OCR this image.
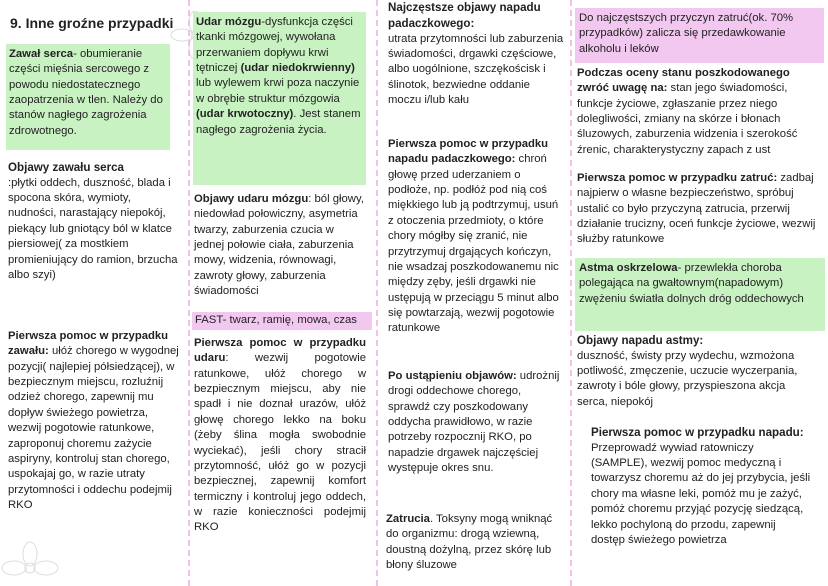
9. Inne groźne przypadki
Zawał serca- obumieranie części mięśnia sercowego z powodu niedostatecznego zaopatrzenia w tlen. Należy do stanów nagłego zagrożenia zdrowotnego.
Objawy zawału serca
:płytki oddech, duszność, blada i spocona skóra, wymioty, nudności, narastający niepokój, piekący lub gniotący ból w klatce piersiowej( za mostkiem promieniujący do ramion, brzucha albo szyi)
Pierwsza pomoc w przypadku zawału: ułóż chorego w wygodnej pozycji( najlepiej półsiedzącej), w bezpiecznym miejscu, rozluźnij odzież chorego, zapewnij mu dopływ świeżego powietrza, wezwij pogotowie ratunkowe, zaproponuj choremu zażycie aspiryny, kontroluj stan chorego, uspokajaj go, w razie utraty przytomności i oddechu podejmij RKO
Udar mózgu-dysfunkcja części tkanki mózgowej, wywołana przerwaniem dopływu krwi tętniczej (udar niedokrwienny) lub wylewem krwi poza naczynie w obrębie struktur mózgowia (udar krwotoczny). Jest stanem nagłego zagrożenia życia.
Objawy udaru mózgu: ból głowy, niedowład połowiczny, asymetria twarzy, zaburzenia czucia w jednej połowie ciała, zaburzenia mowy, widzenia, równowagi, zawroty głowy, zaburzenia świadomości
FAST- twarz, ramię, mowa, czas
Pierwsza pomoc w przypadku udaru: wezwij pogotowie ratunkowe, ułóż chorego w bezpiecznym miejscu, aby nie spadł i nie doznał urazów, ułóż głowę chorego lekko na boku (żeby ślina mogła swobodnie wyciekać), jeśli chory stracił przytomność, ułóż go w pozycji bezpiecznej, zapewnij komfort termiczny i kontroluj jego oddech, w razie konieczności podejmij RKO
Najczęstsze objawy napadu padaczkowego:
utrata przytomności lub zaburzenia świadomości, drgawki częściowe, albo uogólnione, szczękościsk i ślinotok, bezwiedne oddanie moczu i/lub kału
Pierwsza pomoc w przypadku napadu padaczkowego: chroń głowę przed uderzaniem o podłoże, np. podłóż pod nią coś miękkiego lub ją podtrzymuj, usuń z otoczenia przedmioty, o które chory mógłby się zranić, nie przytrzymuj drgających kończyn, nie wsadzaj poszkodowanemu nic między zęby, jeśli drgawki nie ustępują w przeciągu 5 minut albo się powtarzają, wezwij pogotowie ratunkowe
Po ustąpieniu objawów: udrożnij drogi oddechowe chorego, sprawdź czy poszkodowany oddycha prawidłowo, w razie potrzeby rozpocznij RKO, po napadzie drgawek najczęściej występuje okres snu.
Zatrucia. Toksyny mogą wniknąć do organizmu: drogą wziewną, doustną dożylną, przez skórę lub błony śluzowe
Do najczęstszych przyczyn zatruć(ok. 70% przypadków) zalicza się przedawkowanie alkoholu i leków
Podczas oceny stanu poszkodowanego zwróć uwagę na: stan jego świadomości, funkcje życiowe, zgłaszanie przez niego dolegliwości, zmiany na skórze i błonach śluzowych, zaburzenia widzenia i szerokość źrenic, charakterystyczny zapach z ust
Pierwsza pomoc w przypadku zatruć: zadbaj najpierw o własne bezpieczeństwo, spróbuj ustalić co było przyczyną zatrucia, przerwij działanie trucizny, oceń funkcje życiowe, wezwij służby ratunkowe
Astma oskrzelowa- przewlekła choroba polegająca na gwałtownym(napadowym) zwężeniu światła dolnych dróg oddechowych
Objawy napadu astmy:
duszność, świsty przy wydechu, wzmożona potliwość, zmęczenie, uczucie wyczerpania, zawroty i bóle głowy, przyspieszona akcja serca, niepokój
Pierwsza pomoc w przypadku napadu:
Przeprowadź wywiad ratowniczy (SAMPLE), wezwij pomoc medyczną i towarzysz choremu aż do jej przybycia, jeśli chory ma własne leki, pomóż mu je zażyć, pomóż choremu przyjąć pozycję siedzącą, lekko pochyloną do przodu, zapewnij dostęp świeżego powietrza
